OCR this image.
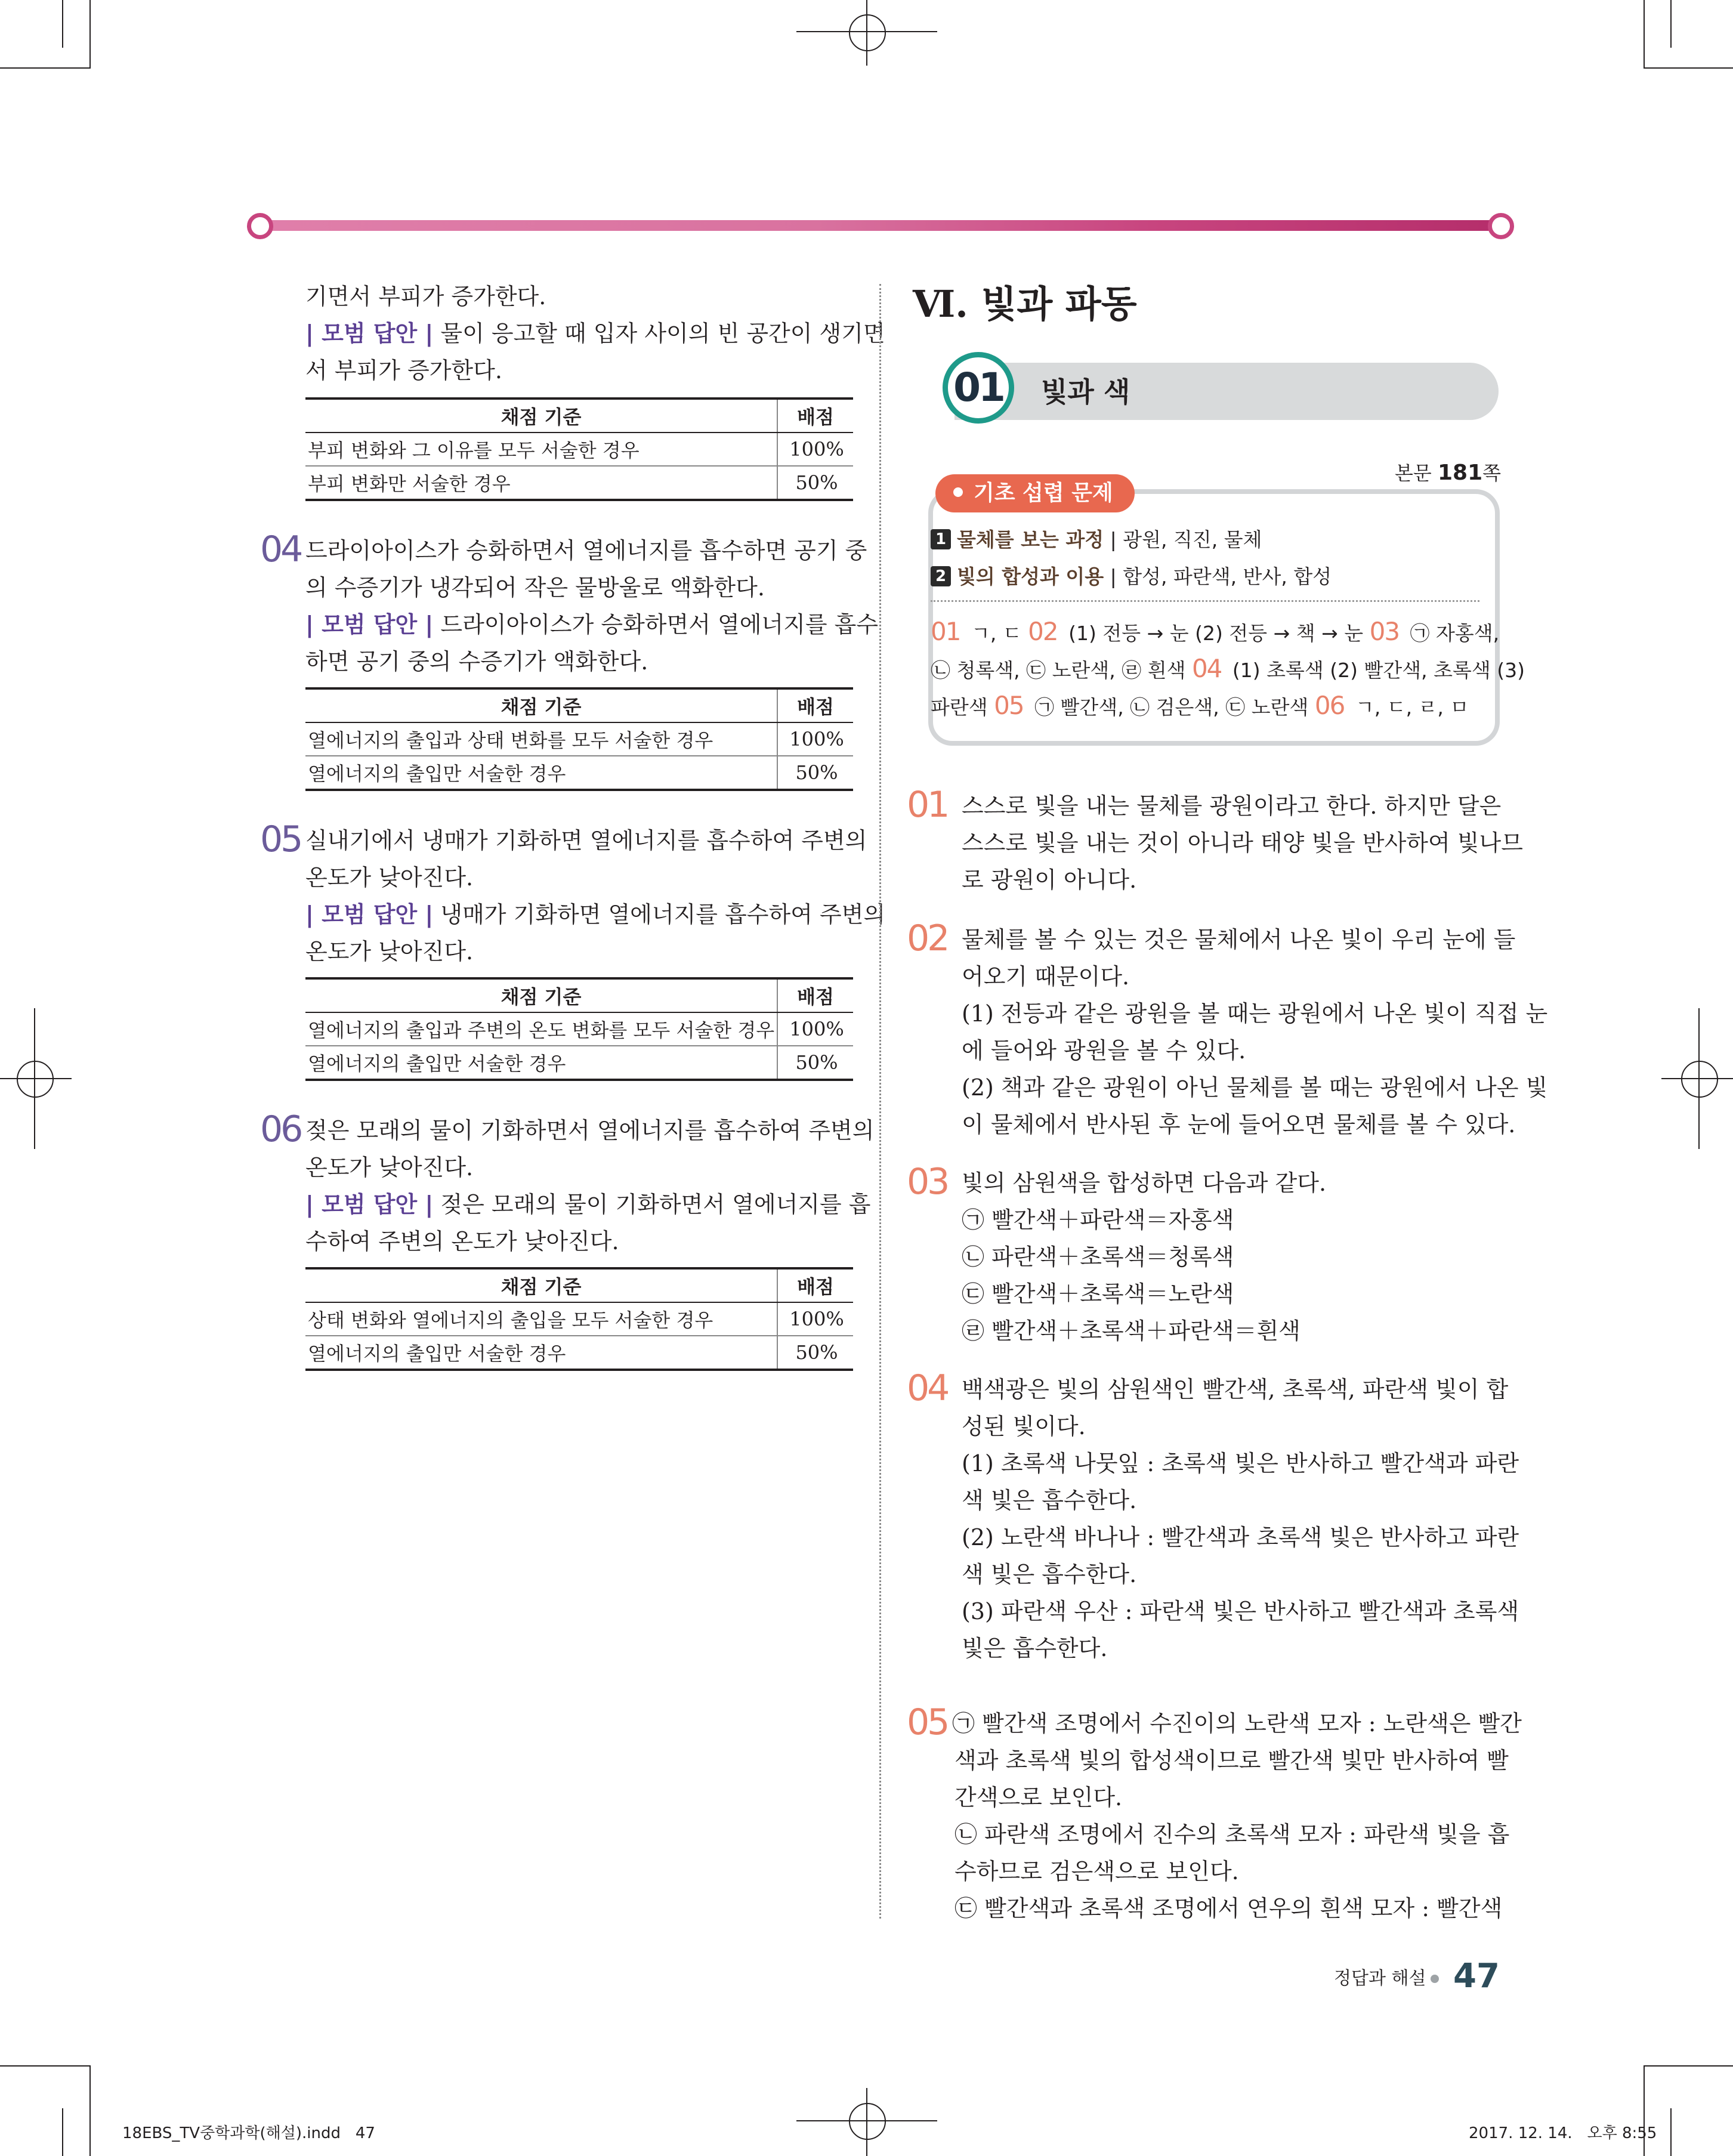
기면서 부피가 증가한다.
| 모범 답안 | 물이 응고할 때 입자 사이의 빈 공간이 생기면
서 부피가 증가한다.
채점 기준	배점
부피 변화와 그 이유를 모두 서술한 경우	100%
부피 변화만 서술한 경우	50%
04 드라이아이스가 승화하면서 열에너지를 흡수하면 공기 중
의 수증기가 냉각되어 작은 물방울로 액화한다.
| 모범 답안 | 드라이아이스가 승화하면서 열에너지를 흡수
하면 공기 중의 수증기가 액화한다.
채점 기준	배점
열에너지의 출입과 상태 변화를 모두 서술한 경우	100%
열에너지의 출입만 서술한 경우	50%
05 실내기에서 냉매가 기화하면 열에너지를 흡수하여 주변의
온도가 낮아진다.
| 모범 답안 | 냉매가 기화하면 열에너지를 흡수하여 주변의
온도가 낮아진다.
채점 기준	배점
열에너지의 출입과 주변의 온도 변화를 모두 서술한 경우	100%
열에너지의 출입만 서술한 경우	50%
06 젖은 모래의 물이 기화하면서 열에너지를 흡수하여 주변의
온도가 낮아진다.
| 모범 답안 | 젖은 모래의 물이 기화하면서 열에너지를 흡
수하여 주변의 온도가 낮아진다.
채점 기준	배점
상태 변화와 열에너지의 출입을 모두 서술한 경우	100%
열에너지의 출입만 서술한 경우	50%
Ⅵ. 빛과 파동
01	빛과 색
본문 181쪽
기초 섭렵 문제
1 물체를 보는 과정 | 광원, 직진, 물체
2 빛의 합성과 이용 | 합성, 파란색, 반사, 합성
01 ㄱ, ㄷ 02 (1) 전등 → 눈 (2) 전등 → 책 → 눈 03 ㉠ 자홍색,
㉡ 청록색, ㉢ 노란색, ㉣ 흰색 04 (1) 초록색 (2) 빨간색, 초록색 (3)
파란색 05 ㉠ 빨간색, ㉡ 검은색, ㉢ 노란색 06 ㄱ, ㄷ, ㄹ, ㅁ
01 스스로 빛을 내는 물체를 광원이라고 한다. 하지만 달은
스스로 빛을 내는 것이 아니라 태양 빛을 반사하여 빛나므
로 광원이 아니다.
02 물체를 볼 수 있는 것은 물체에서 나온 빛이 우리 눈에 들
어오기 때문이다.
(1) 전등과 같은 광원을 볼 때는 광원에서 나온 빛이 직접 눈
에 들어와 광원을 볼 수 있다.
(2) 책과 같은 광원이 아닌 물체를 볼 때는 광원에서 나온 빛
이 물체에서 반사된 후 눈에 들어오면 물체를 볼 수 있다.
03 빛의 삼원색을 합성하면 다음과 같다.
㉠ 빨간색＋파란색＝자홍색
㉡ 파란색＋초록색＝청록색
㉢ 빨간색＋초록색＝노란색
㉣ 빨간색＋초록색＋파란색＝흰색
04 백색광은 빛의 삼원색인 빨간색, 초록색, 파란색 빛이 합
성된 빛이다.
(1) 초록색 나뭇잎 : 초록색 빛은 반사하고 빨간색과 파란
색 빛은 흡수한다.
(2) 노란색 바나나 : 빨간색과 초록색 빛은 반사하고 파란
색 빛은 흡수한다.
(3) 파란색 우산 : 파란색 빛은 반사하고 빨간색과 초록색
빛은 흡수한다.
05 ㉠ 빨간색 조명에서 수진이의 노란색 모자 : 노란색은 빨간
색과 초록색 빛의 합성색이므로 빨간색 빛만 반사하여 빨
간색으로 보인다.
㉡ 파란색 조명에서 진수의 초록색 모자 : 파란색 빛을 흡
수하므로 검은색으로 보인다.
㉢ 빨간색과 초록색 조명에서 연우의 흰색 모자 : 빨간색
정답과 해설 47
18EBS_TV중학과학(해설).indd   47	2017. 12. 14.   오후 8:55
